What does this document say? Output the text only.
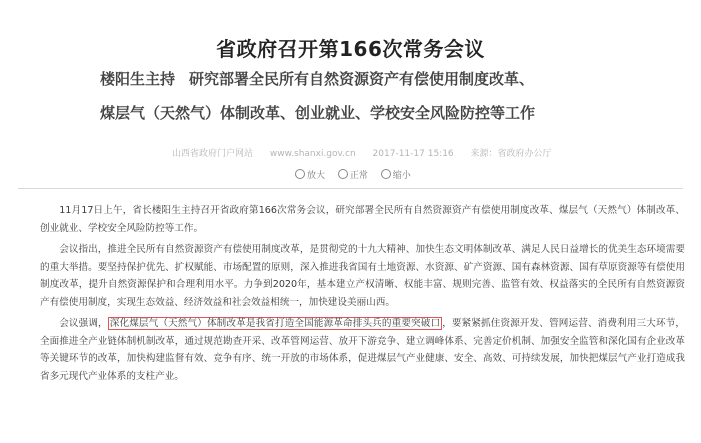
省政府召开第166次常务会议
楼阳生主持 研究部署全民所有自然资源资产有偿使用制度改革、
煤层气（天然气）体制改革、创业就业、学校安全风险防控等工作
山西省政府门户网站 www.shanxi.gov.cn 2017-11-17 15:16 来源：省政府办公厅
放大	正常	缩小

11月17日上午，省长楼阳生主持召开省政府第166次常务会议，研究部署全民所有自然资源资产有偿使用制度改革、煤层气（天然气）体制改革、创业就业、学校安全风险防控等工作。

会议指出，推进全民所有自然资源资产有偿使用制度改革，是贯彻党的十九大精神、加快生态文明体制改革、满足人民日益增长的优美生态环境需要的重大举措。要坚持保护优先、扩权赋能、市场配置的原则，深入推进我省国有土地资源、水资源、矿产资源、国有森林资源、国有草原资源等有偿使用制度改革，提升自然资源保护和合理利用水平。力争到2020年，基本建立产权清晰、权能丰富、规则完善、监管有效、权益落实的全民所有自然资源资产有偿使用制度，实现生态效益、经济效益和社会效益相统一，加快建设美丽山西。

会议强调， 深化煤层气（天然气）体制改革是我省打造全国能源革命排头兵的重要突破口 ，要紧紧抓住资源开发、管网运营、消费利用三大环节，全面推进全产业链体制机制改革，通过规范勘查开采、改革管网运营、放开下游竞争、建立调峰体系、完善定价机制、加强安全监管和深化国有企业改革等关键环节的改革，加快构建监督有效、竞争有序、统一开放的市场体系，促进煤层气产业健康、安全、高效、可持续发展，加快把煤层气产业打造成我省多元现代产业体系的支柱产业。
